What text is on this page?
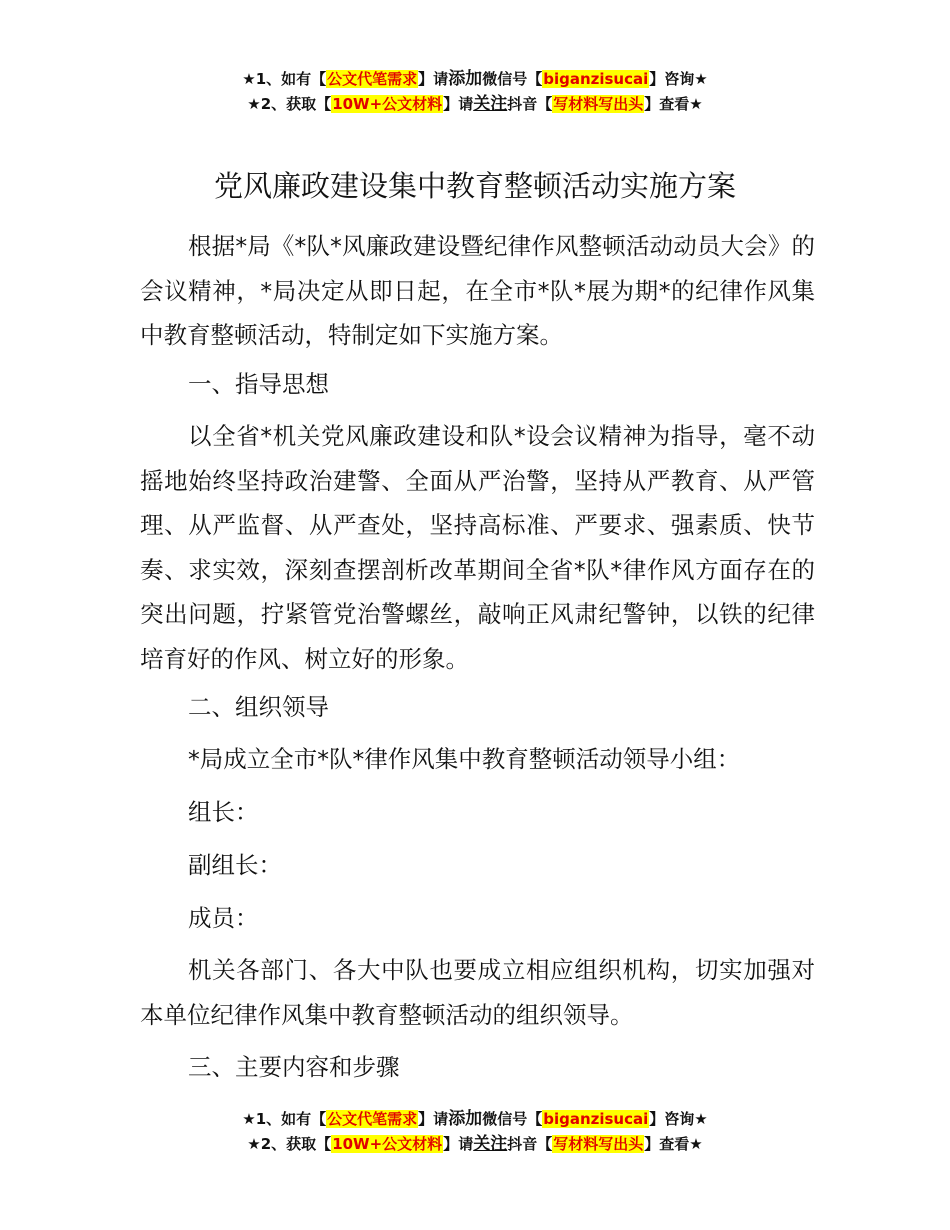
★1、如有【公文代笔需求】请添加微信号【biganzisucai】咨询★
★2、获取【10W+公文材料】请关注抖音【写材料写出头】查看★
党风廉政建设集中教育整顿活动实施方案

根据*局《*队*风廉政建设暨纪律作风整顿活动动员大会》的会议精神，*局决定从即日起，在全市*队*展为期*的纪律作风集中教育整顿活动，特制定如下实施方案。

一、指导思想

以全省*机关党风廉政建设和队*设会议精神为指导，毫不动摇地始终坚持政治建警、全面从严治警，坚持从严教育、从严管理、从严监督、从严查处，坚持高标准、严要求、强素质、快节奏、求实效，深刻查摆剖析改革期间全省*队*律作风方面存在的突出问题，拧紧管党治警螺丝，敲响正风肃纪警钟，以铁的纪律培育好的作风、树立好的形象。

二、组织领导

*局成立全市*队*律作风集中教育整顿活动领导小组：

组长：

副组长：

成员：

机关各部门、各大中队也要成立相应组织机构，切实加强对本单位纪律作风集中教育整顿活动的组织领导。

三、主要内容和步骤

★1、如有【公文代笔需求】请添加微信号【biganzisucai】咨询★
★2、获取【10W+公文材料】请关注抖音【写材料写出头】查看★
